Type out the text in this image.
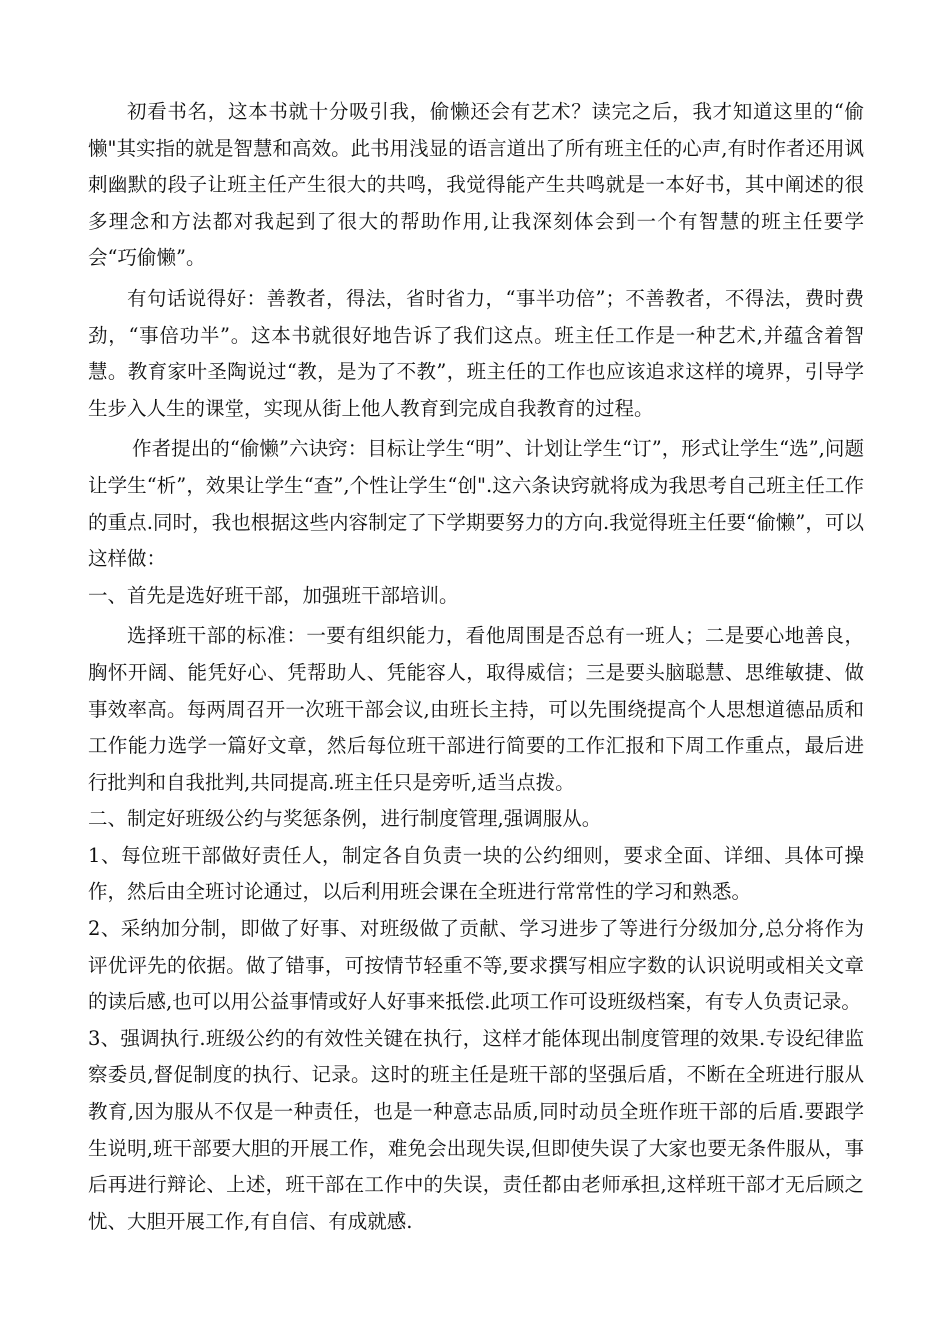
初看书名，这本书就十分吸引我，偷懒还会有艺术？读完之后，我才知道这里的“偷懒"其实指的就是智慧和高效。此书用浅显的语言道出了所有班主任的心声,有时作者还用讽刺幽默的段子让班主任产生很大的共鸣，我觉得能产生共鸣就是一本好书，其中阐述的很多理念和方法都对我起到了很大的帮助作用,让我深刻体会到一个有智慧的班主任要学会“巧偷懒”。

有句话说得好：善教者，得法，省时省力，“事半功倍”；不善教者，不得法，费时费劲，“事倍功半”。这本书就很好地告诉了我们这点。班主任工作是一种艺术,并蕴含着智慧。教育家叶圣陶说过“教，是为了不教”，班主任的工作也应该追求这样的境界，引导学生步入人生的课堂，实现从街上他人教育到完成自我教育的过程。

作者提出的“偷懒”六诀窍：目标让学生“明”、计划让学生“订”，形式让学生“选”,问题让学生“析”，效果让学生“查”,个性让学生“创".这六条诀窍就将成为我思考自己班主任工作的重点.同时，我也根据这些内容制定了下学期要努力的方向.我觉得班主任要“偷懒”，可以这样做：

一、首先是选好班干部，加强班干部培训。

选择班干部的标准：一要有组织能力，看他周围是否总有一班人；二是要心地善良，胸怀开阔、能凭好心、凭帮助人、凭能容人，取得威信；三是要头脑聪慧、思维敏捷、做事效率高。每两周召开一次班干部会议,由班长主持，可以先围绕提高个人思想道德品质和工作能力选学一篇好文章，然后每位班干部进行简要的工作汇报和下周工作重点，最后进行批判和自我批判,共同提高.班主任只是旁听,适当点拨。

二、制定好班级公约与奖惩条例，进行制度管理,强调服从。

1、每位班干部做好责任人，制定各自负责一块的公约细则，要求全面、详细、具体可操作，然后由全班讨论通过，以后利用班会课在全班进行常常性的学习和熟悉。

2、采纳加分制，即做了好事、对班级做了贡献、学习进步了等进行分级加分,总分将作为评优评先的依据。做了错事，可按情节轻重不等,要求撰写相应字数的认识说明或相关文章的读后感,也可以用公益事情或好人好事来抵偿.此项工作可设班级档案，有专人负责记录。

3、强调执行.班级公约的有效性关键在执行，这样才能体现出制度管理的效果.专设纪律监察委员,督促制度的执行、记录。这时的班主任是班干部的坚强后盾，不断在全班进行服从教育,因为服从不仅是一种责任，也是一种意志品质,同时动员全班作班干部的后盾.要跟学生说明,班干部要大胆的开展工作，难免会出现失误,但即使失误了大家也要无条件服从，事后再进行辩论、上述，班干部在工作中的失误，责任都由老师承担,这样班干部才无后顾之忧、大胆开展工作,有自信、有成就感.
